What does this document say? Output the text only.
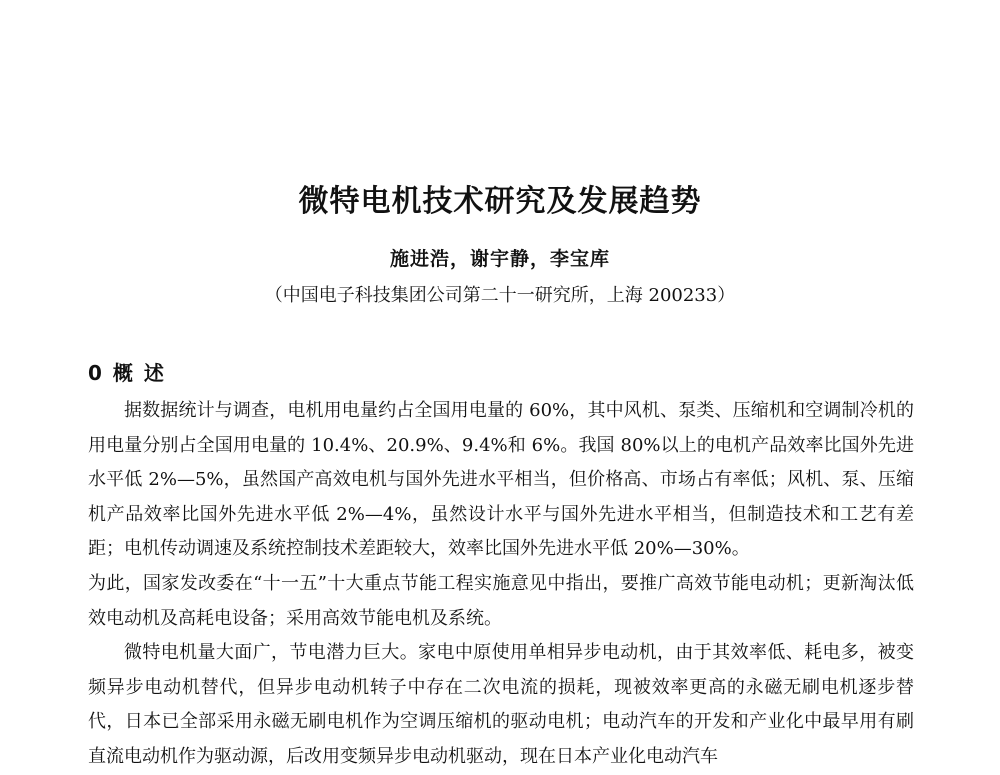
微特电机技术研究及发展趋势
施进浩，谢宇静，李宝库
（中国电子科技集团公司第二十一研究所，上海 200233）
0 概 述

据数据统计与调查，电机用电量约占全国用电量的 60%，其中风机、泵类、压缩机和空调制冷机的用电量分别占全国用电量的 10.4%、20.9%、9.4%和 6%。我国 80%以上的电机产品效率比国外先进水平低 2%—5%，虽然国产高效电机与国外先进水平相当，但价格高、市场占有率低；风机、泵、压缩机产品效率比国外先进水平低 2%—4%，虽然设计水平与国外先进水平相当，但制造技术和工艺有差距；电机传动调速及系统控制技术差距较大，效率比国外先进水平低 20%—30%。

为此，国家发改委在“十一五”十大重点节能工程实施意见中指出，要推广高效节能电动机；更新淘汰低效电动机及高耗电设备；采用高效节能电机及系统。

微特电机量大面广，节电潜力巨大。家电中原使用单相异步电动机，由于其效率低、耗电多，被变频异步电动机替代，但异步电动机转子中存在二次电流的损耗，现被效率更高的永磁无刷电机逐步替代，日本已全部采用永磁无刷电机作为空调压缩机的驱动电机；电动汽车的开发和产业化中最早用有刷直流电动机作为驱动源，后改用变频异步电动机驱动，现在日本产业化电动汽车
